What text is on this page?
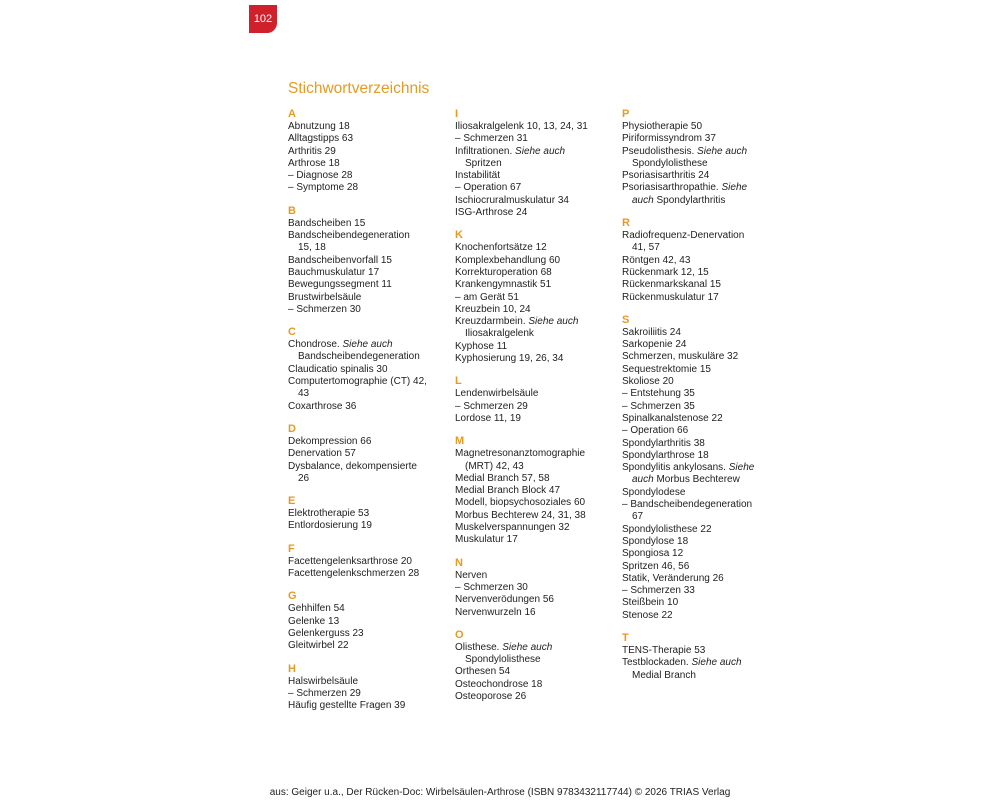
102
Stichwortverzeichnis
A
Abnutzung 18
Alltagstipps 63
Arthritis 29
Arthrose 18
– Diagnose 28
– Symptome 28
B
Bandscheiben 15
Bandscheibendegeneration
15, 18
Bandscheibenvorfall 15
Bauchmuskulatur 17
Bewegungssegment 11
Brustwirbelsäule
– Schmerzen 30
C
Chondrose. Siehe auch
Bandscheibendegeneration
Claudicatio spinalis 30
Computertomographie (CT) 42,
43
Coxarthrose 36
D
Dekompression 66
Denervation 57
Dysbalance, dekompensierte
26
E
Elektrotherapie 53
Entlordosierung 19
F
Facettengelenksarthrose 20
Facettengelenkschmerzen 28
G
Gehhilfen 54
Gelenke 13
Gelenkerguss 23
Gleitwirbel 22
H
Halswirbelsäule
– Schmerzen 29
Häufig gestellte Fragen 39
I
Iliosakralgelenk 10, 13, 24, 31
– Schmerzen 31
Infiltrationen. Siehe auch
Spritzen
Instabilität
– Operation 67
Ischiocruralmuskulatur 34
ISG-Arthrose 24
K
Knochenfortsätze 12
Komplexbehandlung 60
Korrekturoperation 68
Krankengymnastik 51
– am Gerät 51
Kreuzbein 10, 24
Kreuzdarmbein. Siehe auch
Iliosakralgelenk
Kyphose 11
Kyphosierung 19, 26, 34
L
Lendenwirbelsäule
– Schmerzen 29
Lordose 11, 19
M
Magnetresonanztomographie
(MRT) 42, 43
Medial Branch 57, 58
Medial Branch Block 47
Modell, biopsychosoziales 60
Morbus Bechterew 24, 31, 38
Muskelverspannungen 32
Muskulatur 17
N
Nerven
– Schmerzen 30
Nervenverödungen 56
Nervenwurzeln 16
O
Olisthese. Siehe auch
Spondylolisthese
Orthesen 54
Osteochondrose 18
Osteoporose 26
P
Physiotherapie 50
Piriformissyndrom 37
Pseudolisthesis. Siehe auch
Spondylolisthese
Psoriasisarthritis 24
Psoriasisarthropathie. Siehe
auch Spondylarthritis
R
Radiofrequenz-Denervation
41, 57
Röntgen 42, 43
Rückenmark 12, 15
Rückenmarkskanal 15
Rückenmuskulatur 17
S
Sakroiliitis 24
Sarkopenie 24
Schmerzen, muskuläre 32
Sequestrektomie 15
Skoliose 20
– Entstehung 35
– Schmerzen 35
Spinalkanalstenose 22
– Operation 66
Spondylarthritis 38
Spondylarthrose 18
Spondylitis ankylosans. Siehe
auch Morbus Bechterew
Spondylodese
– Bandscheibendegeneration
67
Spondylolisthese 22
Spondylose 18
Spongiosa 12
Spritzen 46, 56
Statik, Veränderung 26
– Schmerzen 33
Steißbein 10
Stenose 22
T
TENS-Therapie 53
Testblockaden. Siehe auch
Medial Branch
aus: Geiger u.a., Der Rücken-Doc: Wirbelsäulen-Arthrose (ISBN 9783432117744) © 2026 TRIAS Verlag
